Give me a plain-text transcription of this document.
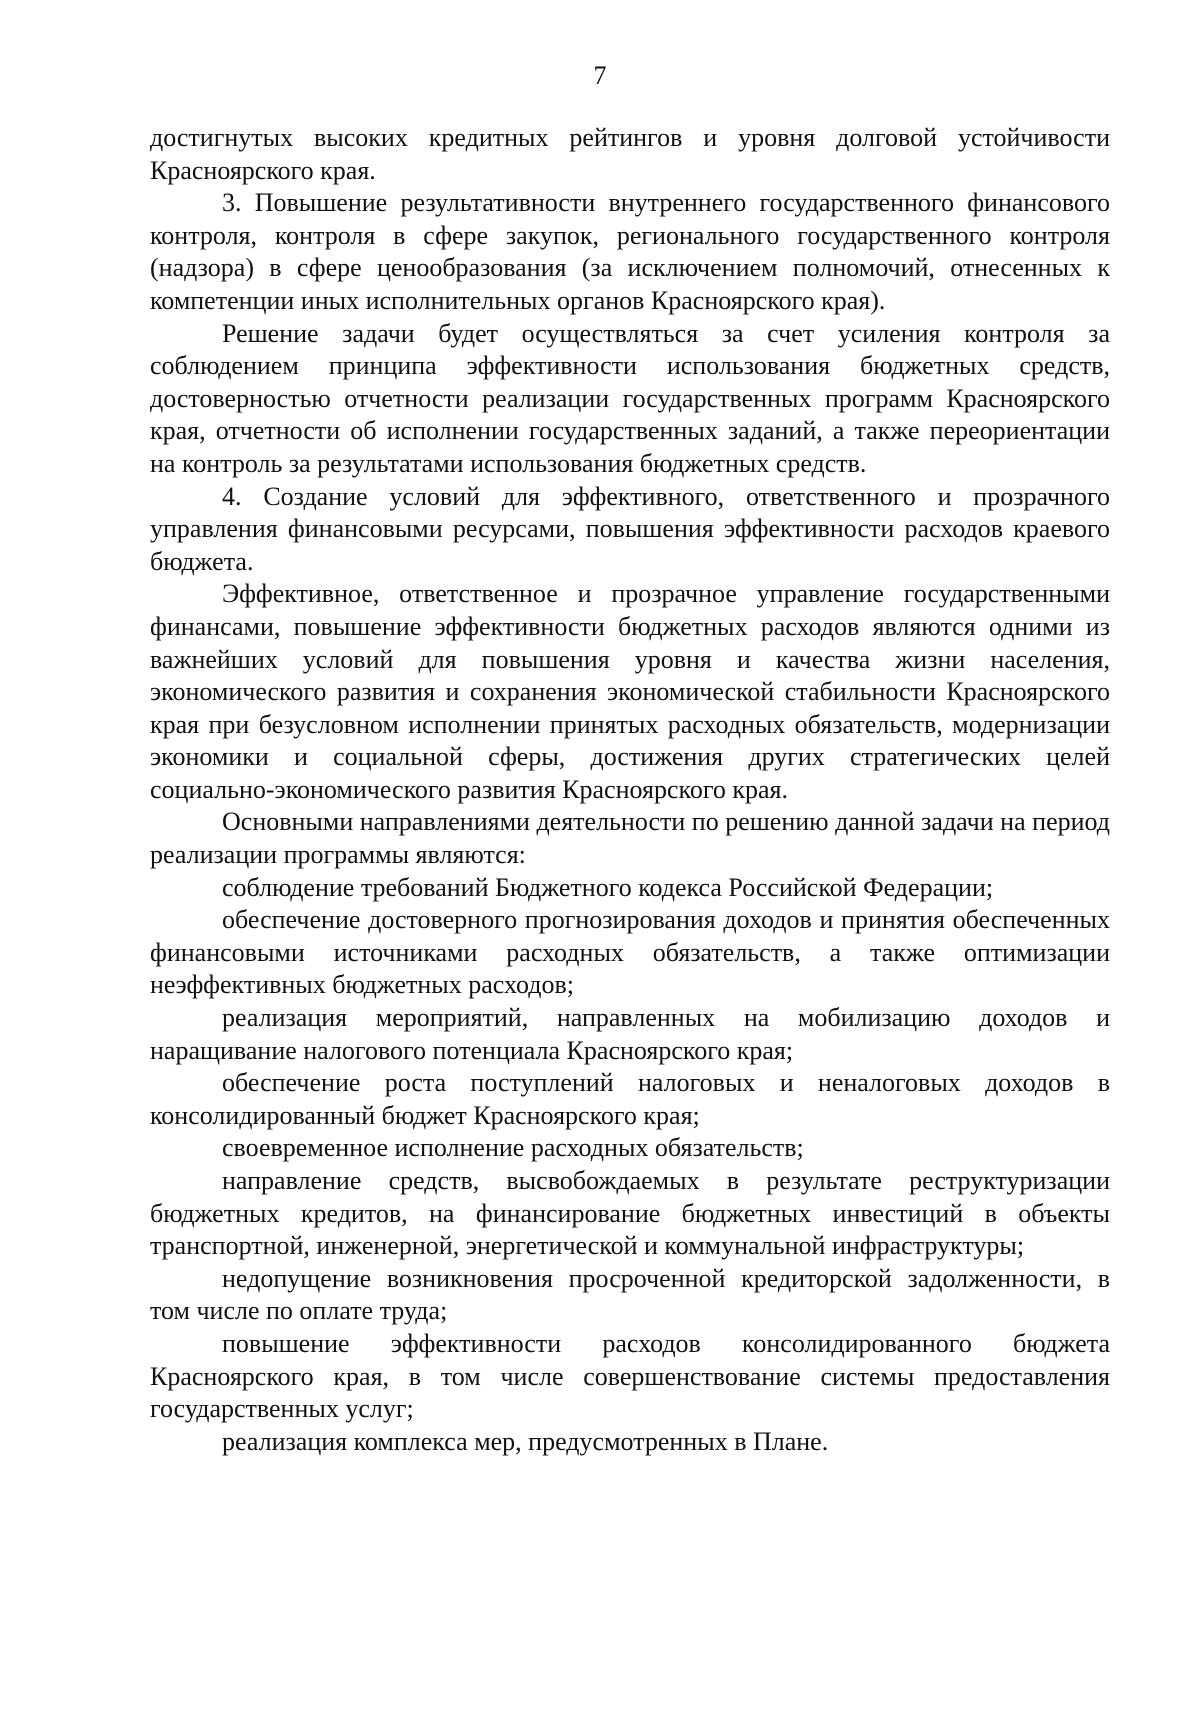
7

достигнутых высоких кредитных рейтингов и уровня долговой устойчивости Красноярского края.

3. Повышение результативности внутреннего государственного финансового контроля, контроля в сфере закупок, регионального государственного контроля (надзора) в сфере ценообразования (за исключением полномочий, отнесенных к компетенции иных исполнительных органов Красноярского края).

Решение задачи будет осуществляться за счет усиления контроля за соблюдением принципа эффективности использования бюджетных средств, достоверностью отчетности реализации государственных программ Красноярского края, отчетности об исполнении государственных заданий, а также переориентации на контроль за результатами использования бюджетных средств.

4. Создание условий для эффективного, ответственного и прозрачного управления финансовыми ресурсами, повышения эффективности расходов краевого бюджета.

Эффективное, ответственное и прозрачное управление государственными финансами, повышение эффективности бюджетных расходов являются одними из важнейших условий для повышения уровня и качества жизни населения, экономического развития и сохранения экономической стабильности Красноярского края при безусловном исполнении принятых расходных обязательств, модернизации экономики и социальной сферы, достижения других стратегических целей социально-экономического развития Красноярского края.

Основными направлениями деятельности по решению данной задачи на период реализации программы являются:

соблюдение требований Бюджетного кодекса Российской Федерации;

обеспечение достоверного прогнозирования доходов и принятия обеспеченных финансовыми источниками расходных обязательств, а также оптимизации неэффективных бюджетных расходов;

реализация мероприятий, направленных на мобилизацию доходов и наращивание налогового потенциала Красноярского края;

обеспечение роста поступлений налоговых и неналоговых доходов в консолидированный бюджет Красноярского края;

своевременное исполнение расходных обязательств;

направление средств, высвобождаемых в результате реструктуризации бюджетных кредитов, на финансирование бюджетных инвестиций в объекты транспортной, инженерной, энергетической и коммунальной инфраструктуры;

недопущение возникновения просроченной кредиторской задолженности, в том числе по оплате труда;

повышение эффективности расходов консолидированного бюджета Красноярского края, в том числе совершенствование системы предоставления государственных услуг;

реализация комплекса мер, предусмотренных в Плане.
